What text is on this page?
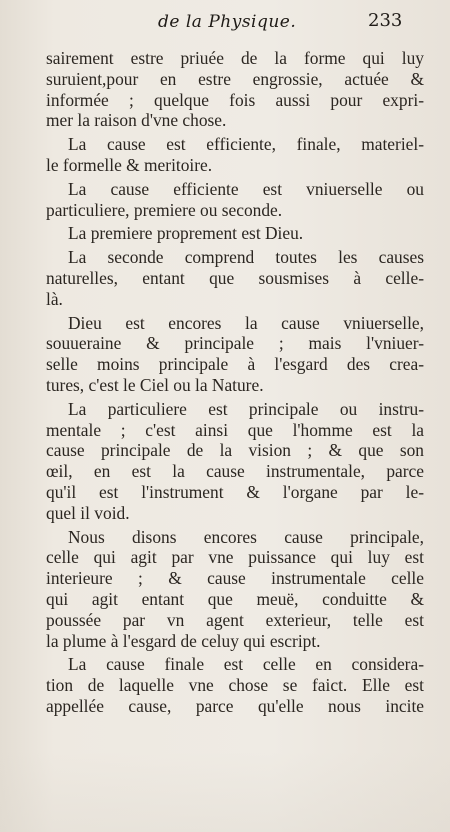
de la Physique.	233
sairement estre priuée de la forme qui luy
suruient,pour en estre engrossie, actuée &
informée ; quelque fois aussi pour expri-
mer la raison d'vne chose.
La cause est efficiente, finale, materiel-
le formelle & meritoire.
La cause efficiente est vniuerselle ou
particuliere, premiere ou seconde.
La premiere proprement est Dieu.
La seconde comprend toutes les causes
naturelles, entant que sousmises à celle-
là.
Dieu est encores la cause vniuerselle,
souueraine & principale ; mais l'vniuer-
selle moins principale à l'esgard des crea-
tures, c'est le Ciel ou la Nature.
La particuliere est principale ou instru-
mentale ; c'est ainsi que l'homme est la
cause principale de la vision ; & que son
œil, en est la cause instrumentale, parce
qu'il est l'instrument & l'organe par le-
quel il void.
Nous disons encores cause principale,
celle qui agit par vne puissance qui luy est
interieure ; & cause instrumentale celle
qui agit entant que meuë, conduitte &
poussée par vn agent exterieur, telle est
la plume à l'esgard de celuy qui escript.
La cause finale est celle en considera-
tion de laquelle vne chose se faict. Elle est
appellée cause, parce qu'elle nous incite
